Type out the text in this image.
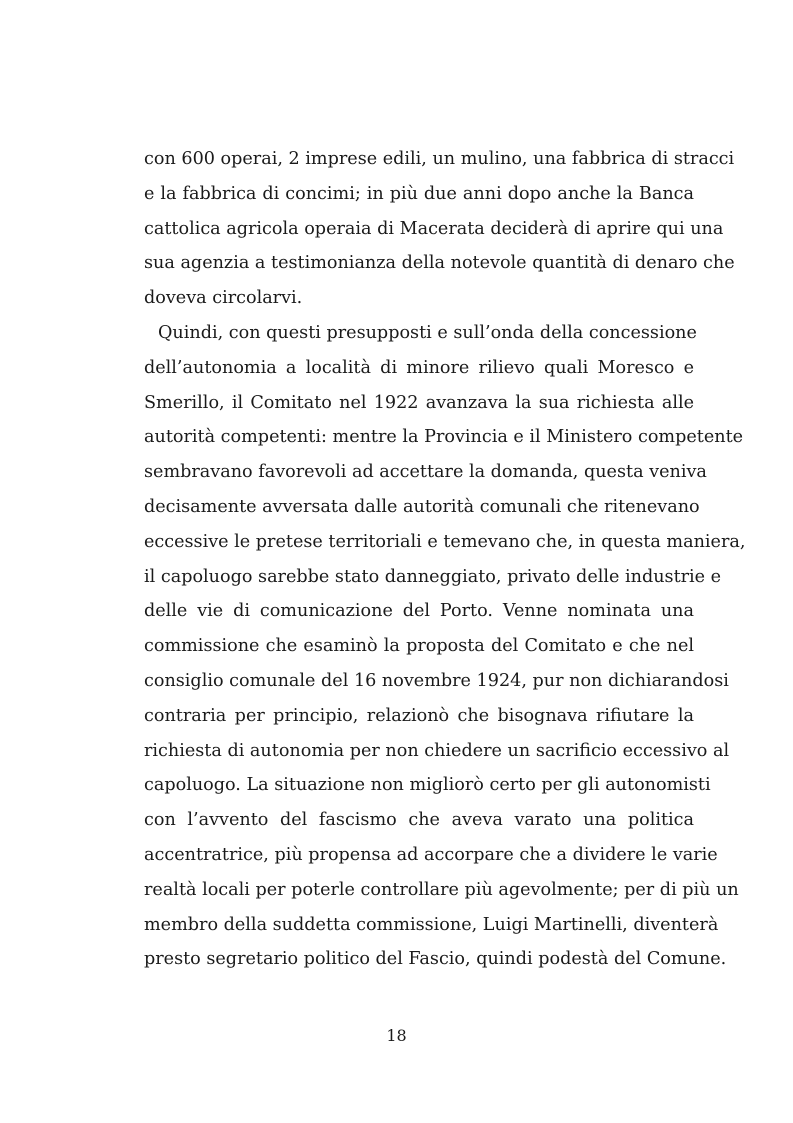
con 600 operai, 2 imprese edili, un mulino, una fabbrica di stracci
e la fabbrica di concimi; in più due anni dopo anche la Banca
cattolica agricola operaia di Macerata deciderà di aprire qui una
sua agenzia a testimonianza della notevole quantità di denaro che
doveva circolarvi.
Quindi, con questi presupposti e sull’onda della concessione
dell’autonomia a località di minore rilievo quali Moresco e
Smerillo, il Comitato nel 1922 avanzava la sua richiesta alle
autorità competenti: mentre la Provincia e il Ministero competente
sembravano favorevoli ad accettare la domanda, questa veniva
decisamente avversata dalle autorità comunali che ritenevano
eccessive le pretese territoriali e temevano che, in questa maniera,
il capoluogo sarebbe stato danneggiato, privato delle industrie e
delle vie di comunicazione del Porto. Venne nominata una
commissione che esaminò la proposta del Comitato e che nel
consiglio comunale del 16 novembre 1924, pur non dichiarandosi
contraria per principio, relazionò che bisognava rifiutare la
richiesta di autonomia per non chiedere un sacrificio eccessivo al
capoluogo. La situazione non migliorò certo per gli autonomisti
con l’avvento del fascismo che aveva varato una politica
accentratrice, più propensa ad accorpare che a dividere le varie
realtà locali per poterle controllare più agevolmente; per di più un
membro della suddetta commissione, Luigi Martinelli, diventerà
presto segretario politico del Fascio, quindi podestà del Comune.
18
